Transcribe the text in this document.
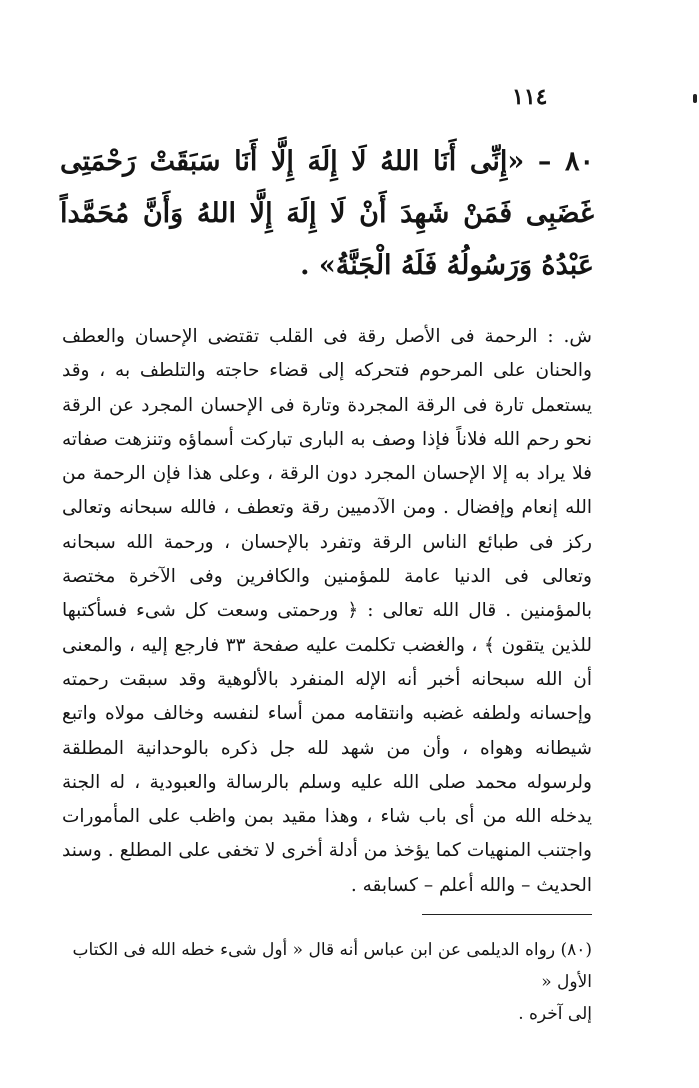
١١٤
٨٠ – «إِنِّى أَنَا اللهُ لَا إِلَهَ إِلَّا أَنَا سَبَقَتْ رَحْمَتِى غَضَبِى فَمَنْ شَهِدَ أَنْ لَا إِلَهَ إِلَّا اللهُ وَأَنَّ مُحَمَّداً عَبْدُهُ وَرَسُولُهُ فَلَهُ الْجَنَّةُ» .
ش. : الرحمة فى الأصل رقة فى القلب تقتضى الإحسان والعطف والحنان على المرحوم فتحركه إلى قضاء حاجته والتلطف به ، وقد يستعمل تارة فى الرقة المجردة وتارة فى الإحسان المجرد عن الرقة نحو رحم الله فلاناً فإذا وصف به البارى تباركت أسماؤه وتنزهت صفاته فلا يراد به إلا الإحسان المجرد دون الرقة ، وعلى هذا فإن الرحمة من الله إنعام وإفضال . ومن الآدميين رقة وتعطف ، فالله سبحانه وتعالى ركز فى طبائع الناس الرقة وتفرد بالإحسان ، ورحمة الله سبحانه وتعالى فى الدنيا عامة للمؤمنين والكافرين وفى الآخرة مختصة بالمؤمنين . قال الله تعالى : ﴿ ورحمتى وسعت كل شىء فسأكتبها للذين يتقون ﴾ ، والغضب تكلمت عليه صفحة ٣٣ فارجع إليه ، والمعنى أن الله سبحانه أخبر أنه الإله المنفرد بالألوهية وقد سبقت رحمته وإحسانه ولطفه غضبه وانتقامه ممن أساء لنفسه وخالف مولاه واتبع شيطانه وهواه ، وأن من شهد لله جل ذكره بالوحدانية المطلقة ولرسوله محمد صلى الله عليه وسلم بالرسالة والعبودية ، له الجنة يدخله الله من أى باب شاء ، وهذا مقيد بمن واظب على المأمورات واجتنب المنهيات كما يؤخذ من أدلة أخرى لا تخفى على المطلع . وسند الحديث – والله أعلم – كسابقه .
(٨٠) رواه الديلمى عن ابن عباس أنه قال « أول شىء خطه الله فى الكتاب الأول «
إلى آخره .
